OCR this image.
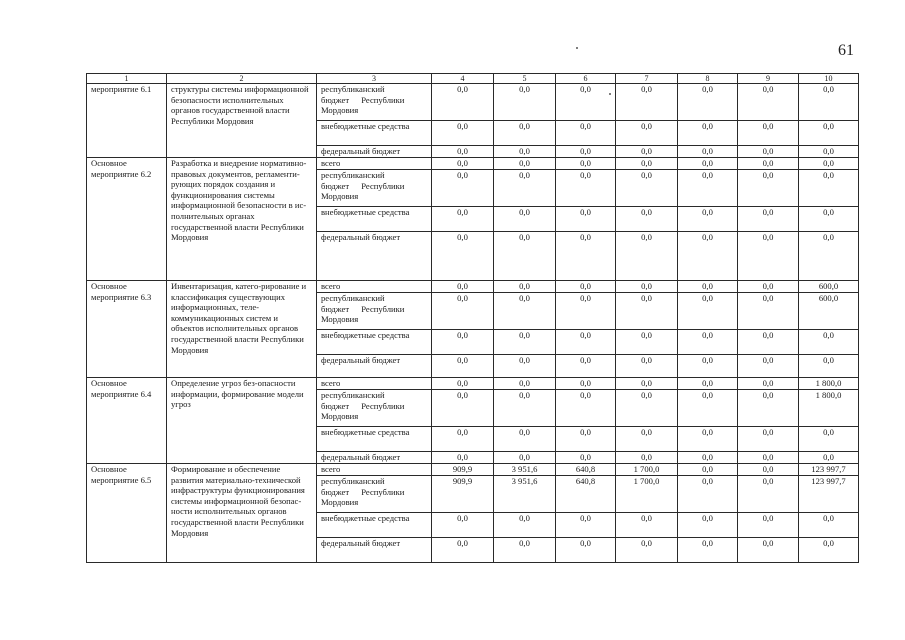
61
1	2	3	4	5	6	7	8	9	10
мероприятие 6.1	структуры системы информационной безопасности исполнительных органов государственной власти Республики Мордовия	республиканский
бюджет Республики Мордовия	0,0	0,0	0,0	0,0	0,0	0,0	0,0
		внебюджетные средства	0,0	0,0	0,0	0,0	0,0	0,0	0,0
		федеральный бюджет	0,0	0,0	0,0	0,0	0,0	0,0	0,0
Основное мероприятие 6.2	Разработка и внедрение нормативно-правовых документов, регламенти-рующих порядок создания и функционирования системы информационной безопасности в ис-полнительных органах государственной власти Республики Мордовия	всего	0,0	0,0	0,0	0,0	0,0	0,0	0,0

		республиканский
бюджет Республики Мордовия	0,0	0,0	0,0	0,0	0,0	0,0	0,0
		внебюджетные средства	0,0	0,0	0,0	0,0	0,0	0,0	0,0
		федеральный бюджет	0,0	0,0	0,0	0,0	0,0	0,0	0,0
Основное мероприятие 6.3	Инвентаризация, катего-рирование и классификация существующих информационных, теле-коммуникационных систем и объектов исполнительных органов государственной власти Республики Мордовия	всего	0,0	0,0	0,0	0,0	0,0	0,0	600,0

		республиканский
бюджет Республики Мордовия	0,0	0,0	0,0	0,0	0,0	0,0	600,0
		внебюджетные средства	0,0	0,0	0,0	0,0	0,0	0,0	0,0
		федеральный бюджет	0,0	0,0	0,0	0,0	0,0	0,0	0,0
Основное мероприятие 6.4	Определение угроз без-опасности информации, формирование модели угроз	всего	0,0	0,0	0,0	0,0	0,0	0,0	1 800,0

		республиканский
бюджет Республики Мордовия	0,0	0,0	0,0	0,0	0,0	0,0	1 800,0
		внебюджетные средства	0,0	0,0	0,0	0,0	0,0	0,0	0,0
		федеральный бюджет	0,0	0,0	0,0	0,0	0,0	0,0	0,0
Основное мероприятие 6.5	Формирование и обеспечение развития материально-технической инфраструктуры функционирования системы информационной безопас-ности исполнительных органов государственной власти Республики Мордовия	всего	909,9	3 951,6	640,8	1 700,0	0,0	0,0	123 997,7

		республиканский
бюджет Республики Мордовия	909,9	3 951,6	640,8	1 700,0	0,0	0,0	123 997,7
		внебюджетные средства	0,0	0,0	0,0	0,0	0,0	0,0	0,0
		федеральный бюджет	0,0	0,0	0,0	0,0	0,0	0,0	0,0
